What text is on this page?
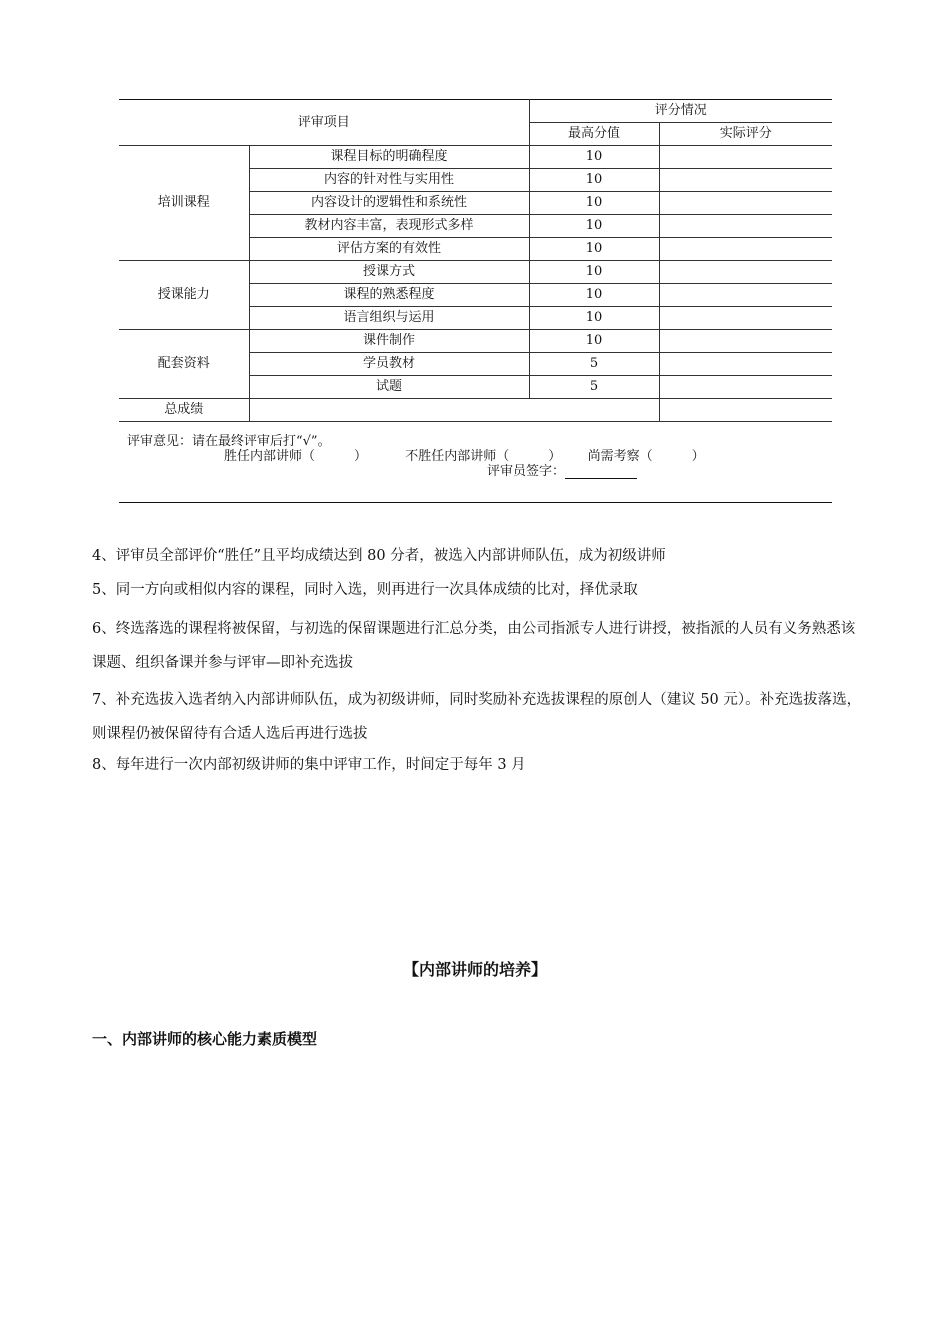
评审项目		评分情况	
		最高分值	实际评分
培训课程	课程目标的明确程度	10	
	内容的针对性与实用性	10	
	内容设计的逻辑性和系统性	10	
	教材内容丰富，表现形式多样	10	
	评估方案的有效性	10	
授课能力	授课方式	10	
	课程的熟悉程度	10	
	语言组织与运用	10	
配套资料	课件制作	10	
	学员教材	5	
	试题	5	
总成绩			

评审意见：请在最终评审后打“√”。
胜任内部讲师（　　　） 不胜任内部讲师（　　　） 尚需考察（　　　）
评审员签字：			
4、评审员全部评价“胜任”且平均成绩达到 80 分者，被选入内部讲师队伍，成为初级讲师
5、同一方向或相似内容的课程，同时入选，则再进行一次具体成绩的比对，择优录取
6、终选落选的课程将被保留，与初选的保留课题进行汇总分类，由公司指派专人进行讲授，被指派的人员有义务熟悉该课题、组织备课并参与评审—即补充选拔
7、补充选拔入选者纳入内部讲师队伍，成为初级讲师，同时奖励补充选拔课程的原创人（建议 50 元）。补充选拔落选，则课程仍被保留待有合适人选后再进行选拔
8、每年进行一次内部初级讲师的集中评审工作，时间定于每年 3 月
【内部讲师的培养】
一、内部讲师的核心能力素质模型
